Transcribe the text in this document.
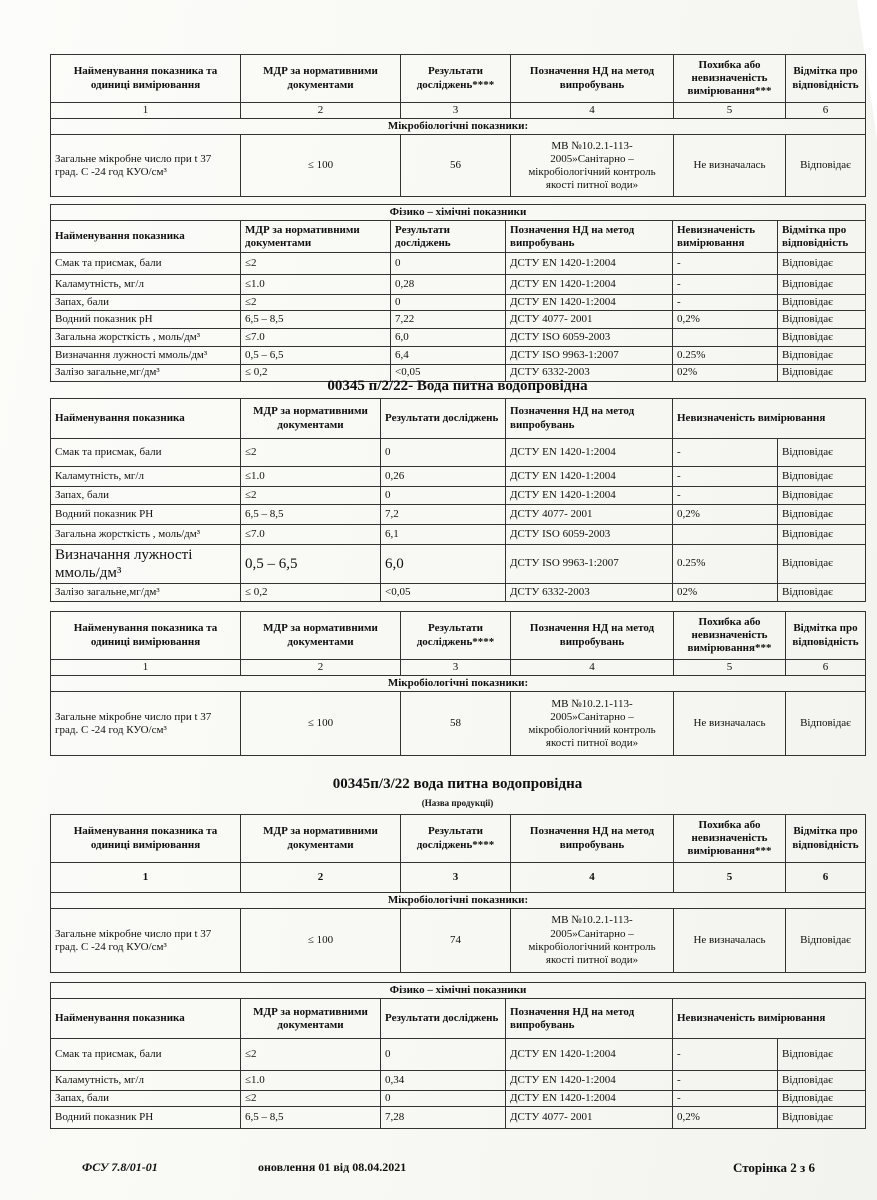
Найменування показника та одиниці вимірювання	МДР за нормативними документами	Результати досліджень****	Позначення НД на метод випробувань	Похибка або невизначеність вимірювання***	Відмітка про відповідність
1	2	3	4	5	6
Мікробіологічні показники:					
Загальне мікробне число при t 37 град. С -24 год КУО/см³	≤ 100	56	МВ №10.2.1-113-2005»Санітарно – мікробіологічний контроль якості питної води»	Не визначалась	Відповідає
Фізико – хімічні показники					
Найменування показника	МДР за нормативними документами	Результати досліджень	Позначення НД на метод випробувань	Невизначеність вимірювання	Відмітка про відповідність
Смак та присмак, бали	≤2	0	ДСТУ EN 1420-1:2004	-	Відповідає
Каламутність, мг/л	≤1.0	0,28	ДСТУ EN 1420-1:2004	-	Відповідає
Запах, бали	≤2	0	ДСТУ EN 1420-1:2004	-	Відповідає
Водний показник рН	6,5 – 8,5	7,22	ДСТУ 4077- 2001	0,2%	Відповідає
Загальна жорсткість , моль/дм³	≤7.0	6,0	ДСТУ ISO 6059-2003		Відповідає
Визначання лужності ммоль/дм³	0,5 – 6,5	6,4	ДСТУ ISO 9963-1:2007	0.25%	Відповідає
Залізо загальне,мг/дм³	≤ 0,2	<0,05	ДСТУ 6332-2003	02%	Відповідає
00345 п/2/22- Вода питна водопровідна
Найменування показника	МДР за нормативними документами	Результати досліджень	Позначення НД на метод випробувань	Невизначеність вимірювання	
Смак та присмак, бали	≤2	0	ДСТУ EN 1420-1:2004	-	Відповідає
Каламутність, мг/л	≤1.0	0,26	ДСТУ EN 1420-1:2004	-	Відповідає
Запах, бали	≤2	0	ДСТУ EN 1420-1:2004	-	Відповідає
Водний показник РН	6,5 – 8,5	7,2	ДСТУ 4077- 2001	0,2%	Відповідає
Загальна жорсткість , моль/дм³	≤7.0	6,1	ДСТУ ISO 6059-2003		Відповідає
Визначання лужності ммоль/дм³	0,5 – 6,5	6,0	ДСТУ ISO 9963-1:2007	0.25%	Відповідає
Залізо загальне,мг/дм³	≤ 0,2	<0,05	ДСТУ 6332-2003	02%	Відповідає
Найменування показника та одиниці вимірювання	МДР за нормативними документами	Результати досліджень****	Позначення НД на метод випробувань	Похибка або невизначеність вимірювання***	Відмітка про відповідність
1	2	3	4	5	6
Мікробіологічні показники:					
Загальне мікробне число при t 37 град. С -24 год КУО/см³	≤ 100	58	МВ №10.2.1-113-2005»Санітарно – мікробіологічний контроль якості питної води»	Не визначалась	Відповідає
00345п/3/22 вода питна водопровідна
(Назва продукції)
Найменування показника та одиниці вимірювання	МДР за нормативними документами	Результати досліджень****	Позначення НД на метод випробувань	Похибка або невизначеність вимірювання***	Відмітка про відповідність
1	2	3	4	5	6
Мікробіологічні показники:					
Загальне мікробне число при t 37 град. С -24 год КУО/см³	≤ 100	74	МВ №10.2.1-113-2005»Санітарно – мікробіологічний контроль якості питної води»	Не визначалась	Відповідає
Фізико – хімічні показники					
Найменування показника	МДР за нормативними документами	Результати досліджень	Позначення НД на метод випробувань	Невизначеність вимірювання	
Смак та присмак, бали	≤2	0	ДСТУ EN 1420-1:2004	-	Відповідає
Каламутність, мг/л	≤1.0	0,34	ДСТУ EN 1420-1:2004	-	Відповідає
Запах, бали	≤2	0	ДСТУ EN 1420-1:2004	-	Відповідає
Водний показник РН	6,5 – 8,5	7,28	ДСТУ 4077- 2001	0,2%	Відповідає
ФСУ 7.8/01-01	оновлення 01 від 08.04.2021	Сторінка 2 з 6
